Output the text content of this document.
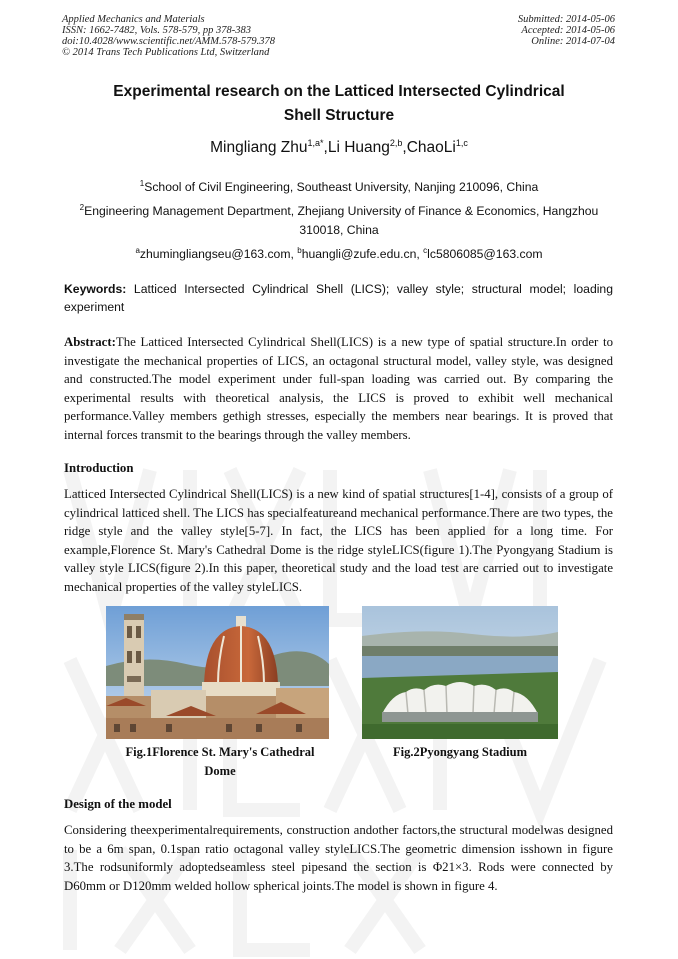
Applied Mechanics and Materials
ISSN: 1662-7482, Vols. 578-579, pp 378-383
doi:10.4028/www.scientific.net/AMM.578-579.378
© 2014 Trans Tech Publications Ltd, Switzerland
Submitted: 2014-05-06
Accepted: 2014-05-06
Online: 2014-07-04
Experimental research on the Latticed Intersected Cylindrical
Shell Structure
Mingliang Zhu$^{1,a*}$,Li Huang$^{2,b}$,ChaoLi$^{1,c}$
$^1$School of Civil Engineering, Southeast University, Nanjing 210096, China
$^2$Engineering Management Department, Zhejiang University of Finance & Economics, Hangzhou
310018, China
$^a$zhumingliangseu@163.com, $^b$huangli@zufe.edu.cn, $^c$lc5806085@163.com
Keywords: Latticed Intersected Cylindrical Shell (LICS); valley style; structural model; loading experiment
Abstract:The Latticed Intersected Cylindrical Shell(LICS) is a new type of spatial structure.In order to investigate the mechanical properties of LICS, an octagonal structural model, valley style, was designed and constructed.The model experiment under full-span loading was carried out. By comparing the experimental results with theoretical analysis, the LICS is proved to exhibit well mechanical performance.Valley members gethigh stresses, especially the members near bearings. It is proved that internal forces transmit to the bearings through the valley members.
Introduction
Latticed Intersected Cylindrical Shell(LICS) is a new kind of spatial structures[1-4], consists of a group of cylindrical latticed shell. The LICS has specialfeatureand mechanical performance.There are two types, the ridge style and the valley style[5-7]. In fact, the LICS has been applied for a long time. For example,Florence St. Mary's Cathedral Dome is the ridge styleLICS(figure 1).The Pyongyang Stadium is valley style LICS(figure 2).In this paper, theoretical study and the load test are carried out to investigate mechanical properties of the valley styleLICS.
Fig.1Florence St. Mary's Cathedral
Dome
Fig.2Pyongyang Stadium
Design of the model
Considering theexperimentalrequirements, construction andother factors,the structural modelwas designed to be a 6m span, 0.1span ratio octagonal valley styleLICS.The geometric dimension isshown in figure 3.The rodsuniformly adoptedseamless steel pipesand the section is Φ21×3. Rods were connected by D60mm or D120mm welded hollow spherical joints.The model is shown in figure 4.
